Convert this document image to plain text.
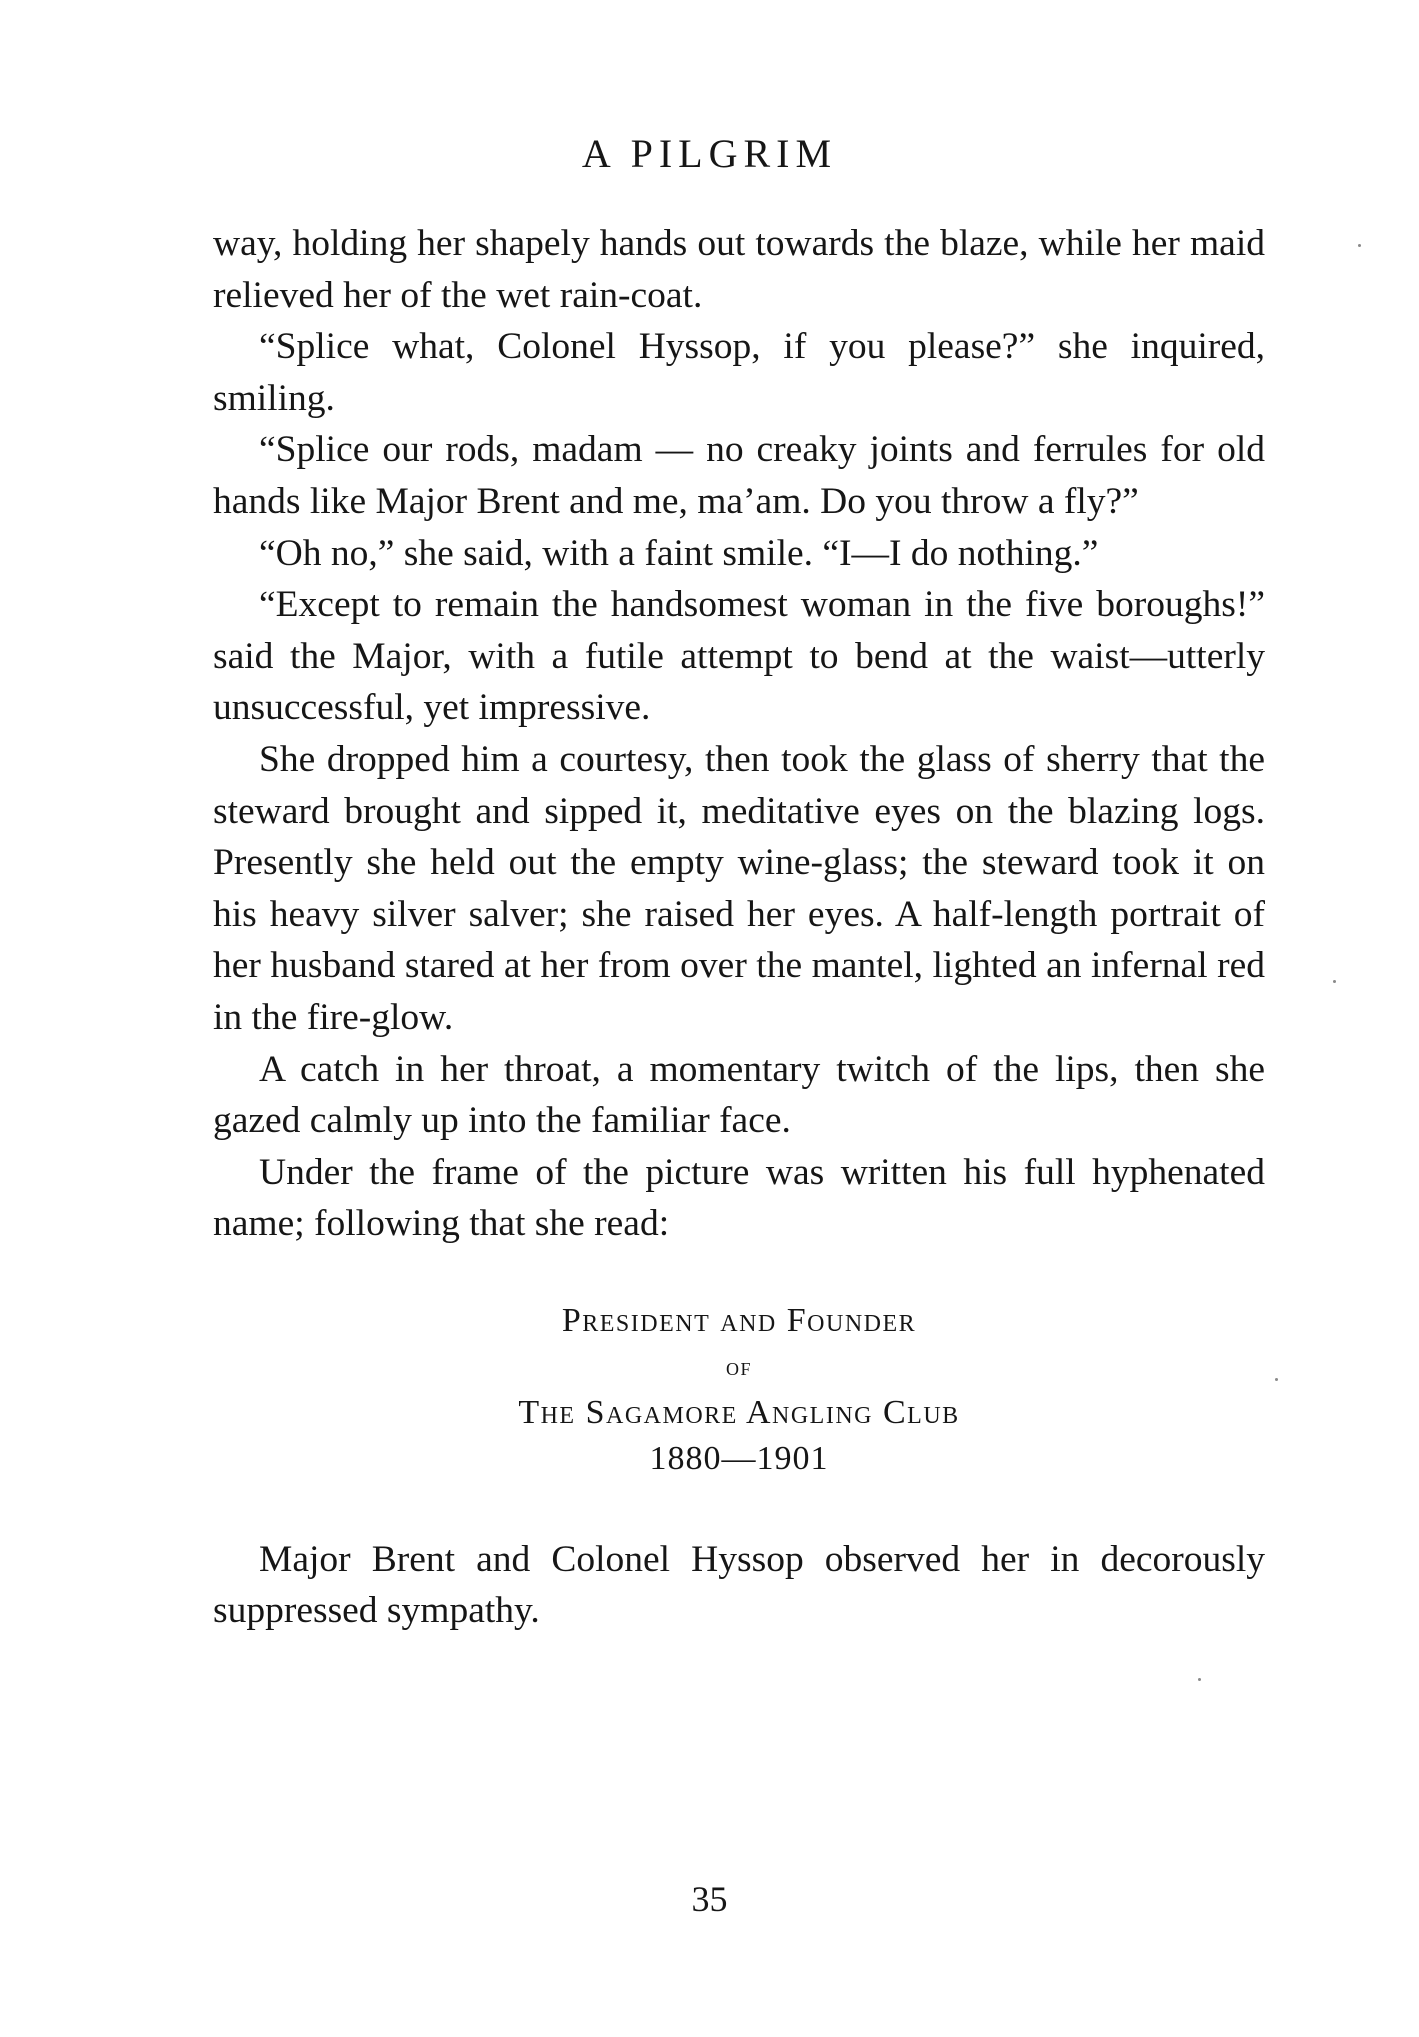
A PILGRIM

way, holding her shapely hands out towards the blaze, while her maid relieved her of the wet rain-coat.

“Splice what, Colonel Hyssop, if you please?” she inquired, smiling.

“Splice our rods, madam — no creaky joints and ferrules for old hands like Major Brent and me, ma’am. Do you throw a fly?”

“Oh no,” she said, with a faint smile. “I—I do nothing.”

“Except to remain the handsomest woman in the five boroughs!” said the Major, with a futile attempt to bend at the waist—utterly unsuccessful, yet impressive.

She dropped him a courtesy, then took the glass of sherry that the steward brought and sipped it, meditative eyes on the blazing logs. Presently she held out the empty wine-glass; the steward took it on his heavy silver salver; she raised her eyes. A half-length portrait of her husband stared at her from over the mantel, lighted an infernal red in the fire-glow.

A catch in her throat, a momentary twitch of the lips, then she gazed calmly up into the familiar face.

Under the frame of the picture was written his full hyphenated name; following that she read:

President and Founder
of
The Sagamore Angling Club
1880—1901

Major Brent and Colonel Hyssop observed her in decorously suppressed sympathy.

35
